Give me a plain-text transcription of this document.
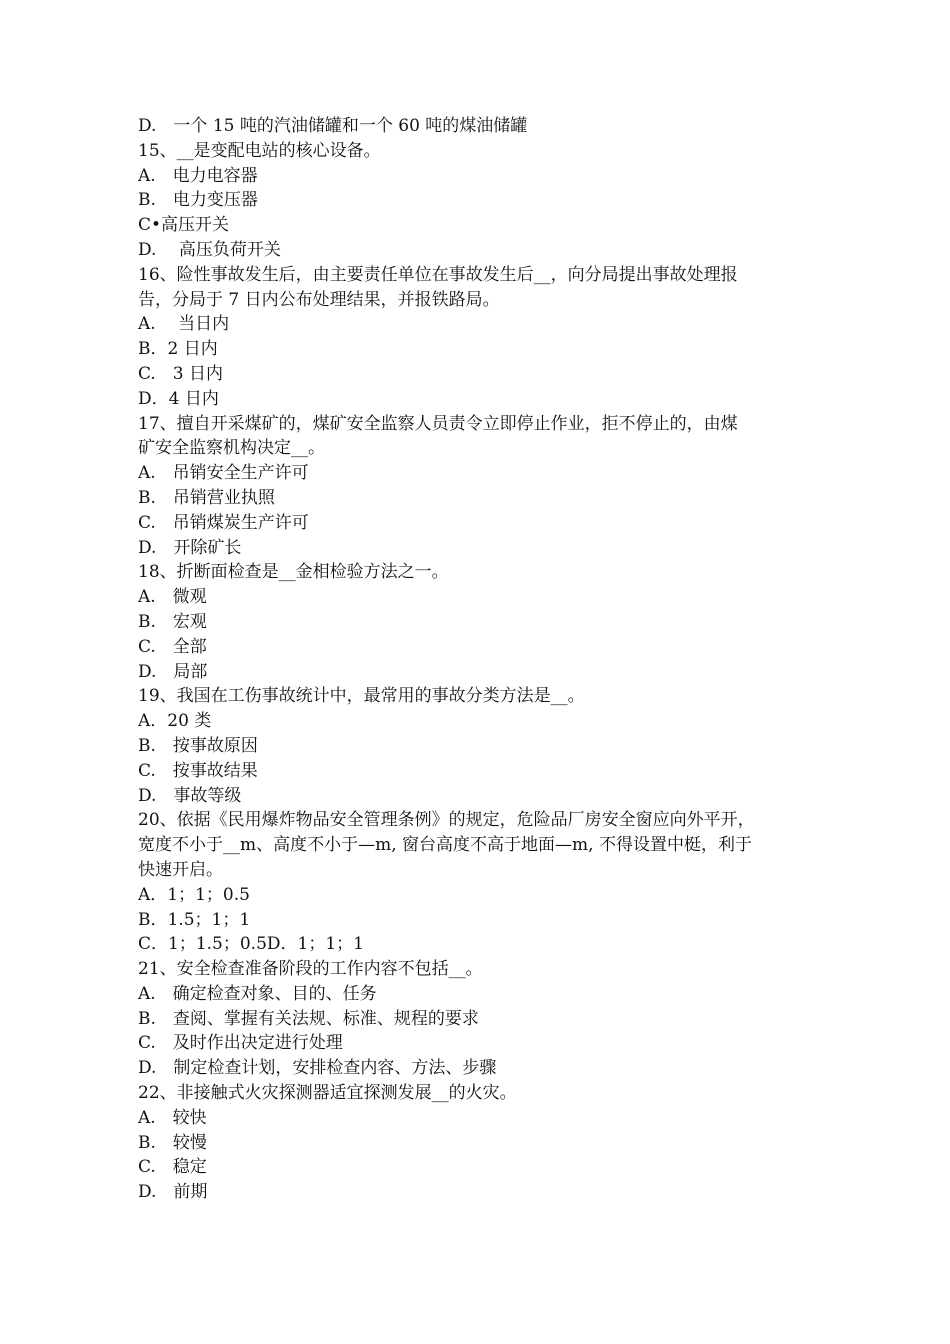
D.　一个 15 吨的汽油储罐和一个 60 吨的煤油储罐
15、__是变配电站的核心设备。
A.　电力电容器
B.　电力变压器
C•高压开关
D.　 高压负荷开关
16、险性事故发生后，由主要责任单位在事故发生后__，向分局提出事故处理报
告，分局于 7 日内公布处理结果，并报铁路局。
A.　 当日内
B．2 日内
C.　3 日内
D．4 日内
17、擅自开采煤矿的，煤矿安全监察人员责令立即停止作业，拒不停止的，由煤
矿安全监察机构决定__。
A.　吊销安全生产许可
B.　吊销营业执照
C.　吊销煤炭生产许可
D.　开除矿长
18、折断面检查是__金相检验方法之一。
A.　微观
B.　宏观
C.　全部
D.　局部
19、我国在工伤事故统计中，最常用的事故分类方法是__。
A．20 类
B.　按事故原因
C.　按事故结果
D.　事故等级
20、依据《民用爆炸物品安全管理条例》的规定，危险品厂房安全窗应向外平开，
宽度不小于__m、高度不小于—m, 窗台高度不高于地面—m, 不得设置中梃，利于
快速开启。
A．1；1；0.5
B．1.5；1；1
C．1；1.5；0.5D．1；1；1
21、安全检查准备阶段的工作内容不包括__。
A.　确定检查对象、目的、任务
B.　查阅、掌握有关法规、标准、规程的要求
C.　及时作出决定进行处理
D.　制定检查计划，安排检查内容、方法、步骤
22、非接触式火灾探测器适宜探测发展__的火灾。
A.　较快
B.　较慢
C.　稳定
D.　前期
